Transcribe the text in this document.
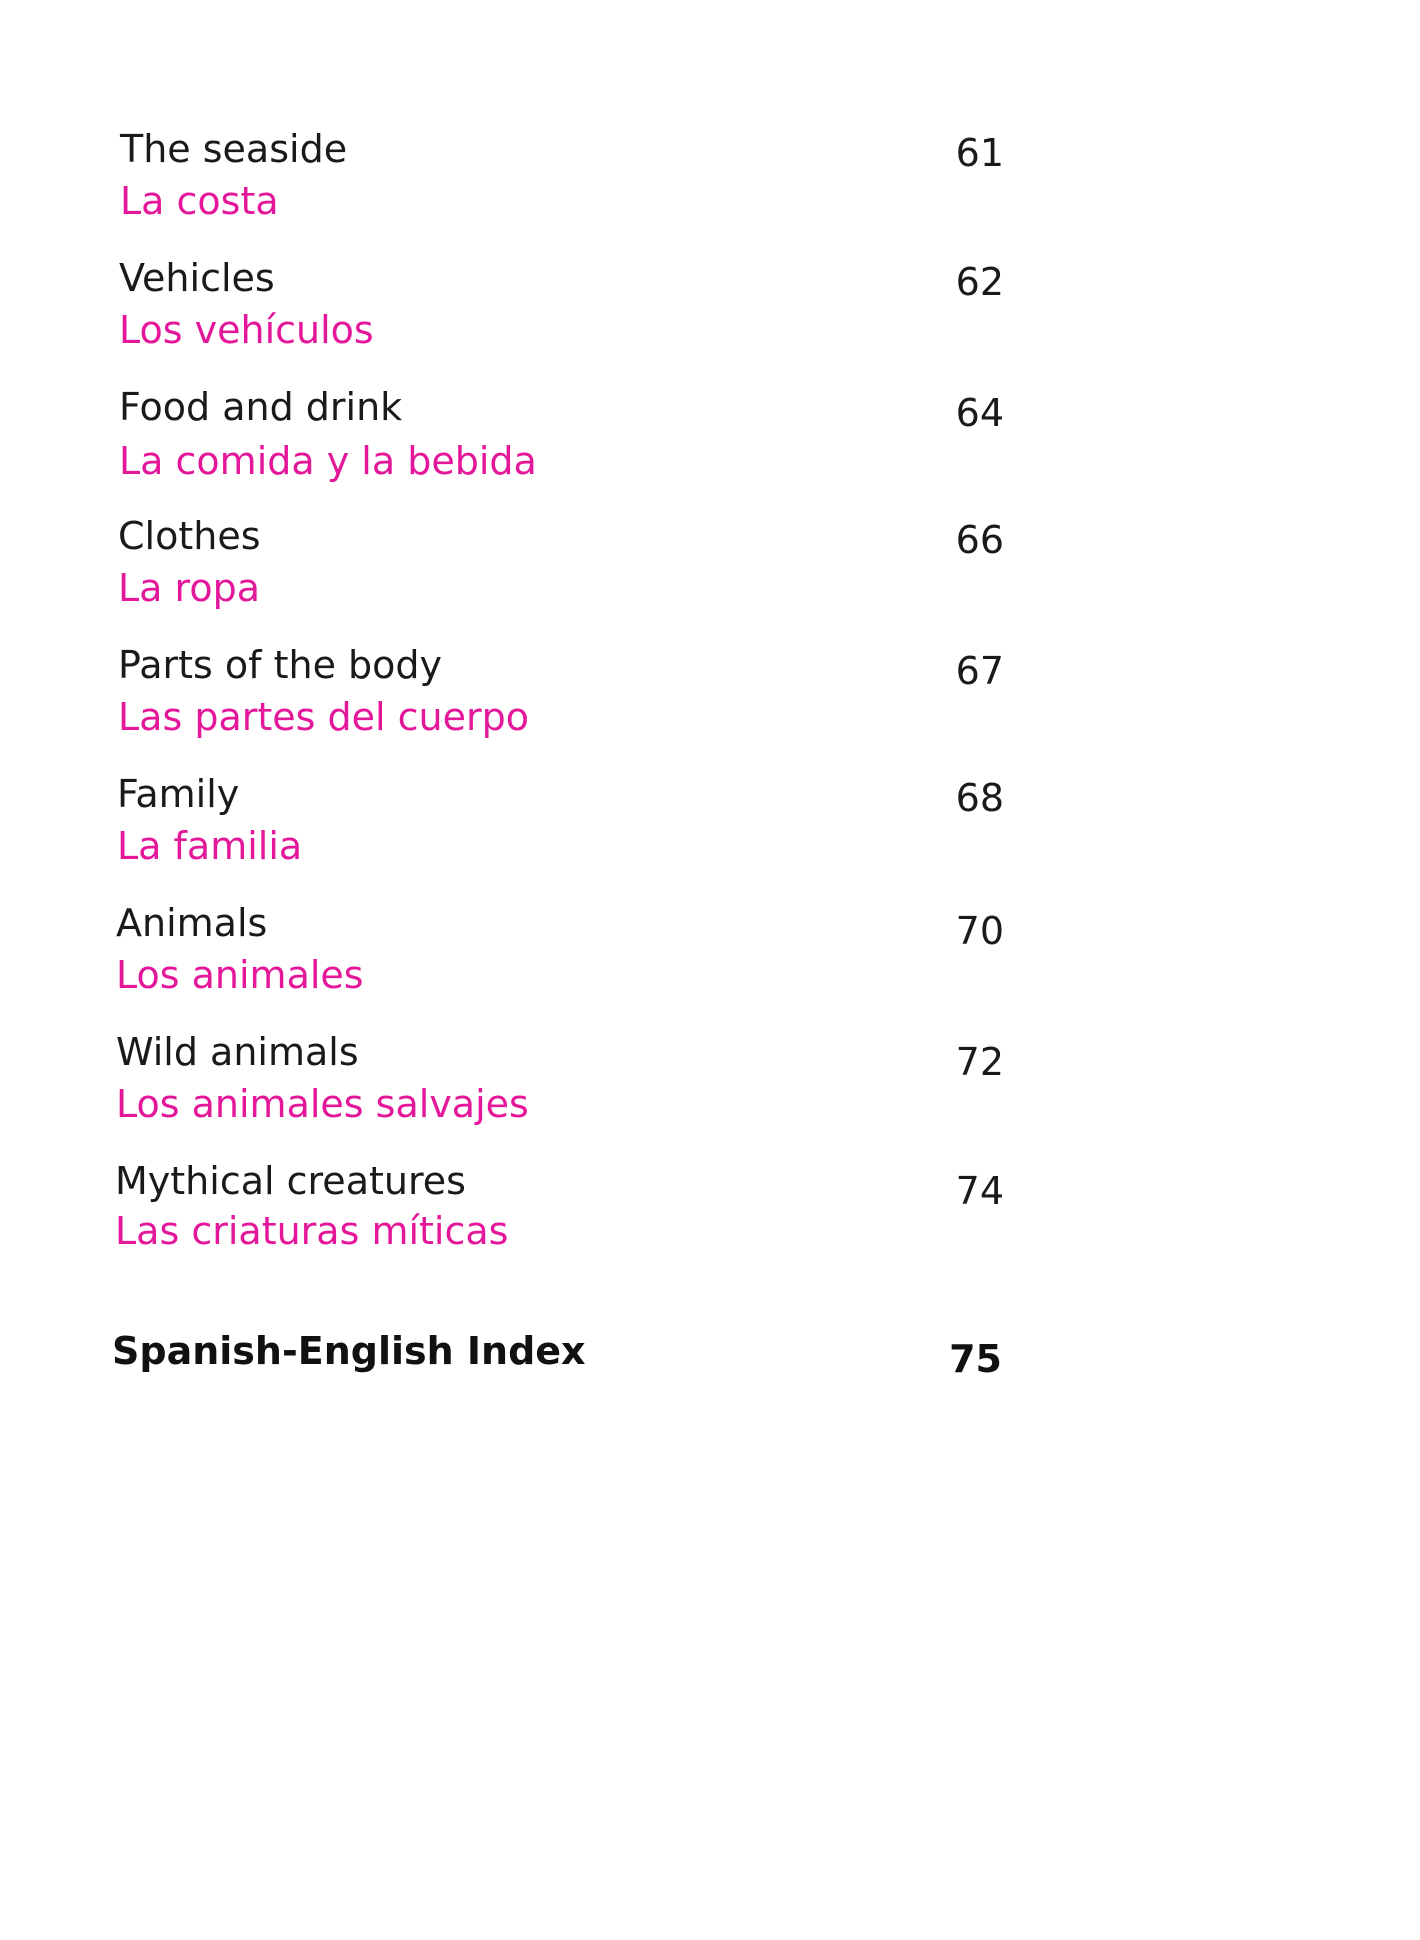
The seaside
La costa
61
Vehicles
Los vehículos
62
Food and drink
La comida y la bebida
64
Clothes
La ropa
66
Parts of the body
Las partes del cuerpo
67
Family
La familia
68
Animals
Los animales
70
Wild animals
Los animales salvajes
72
Mythical creatures
Las criaturas míticas
74
Spanish-English Index	75
